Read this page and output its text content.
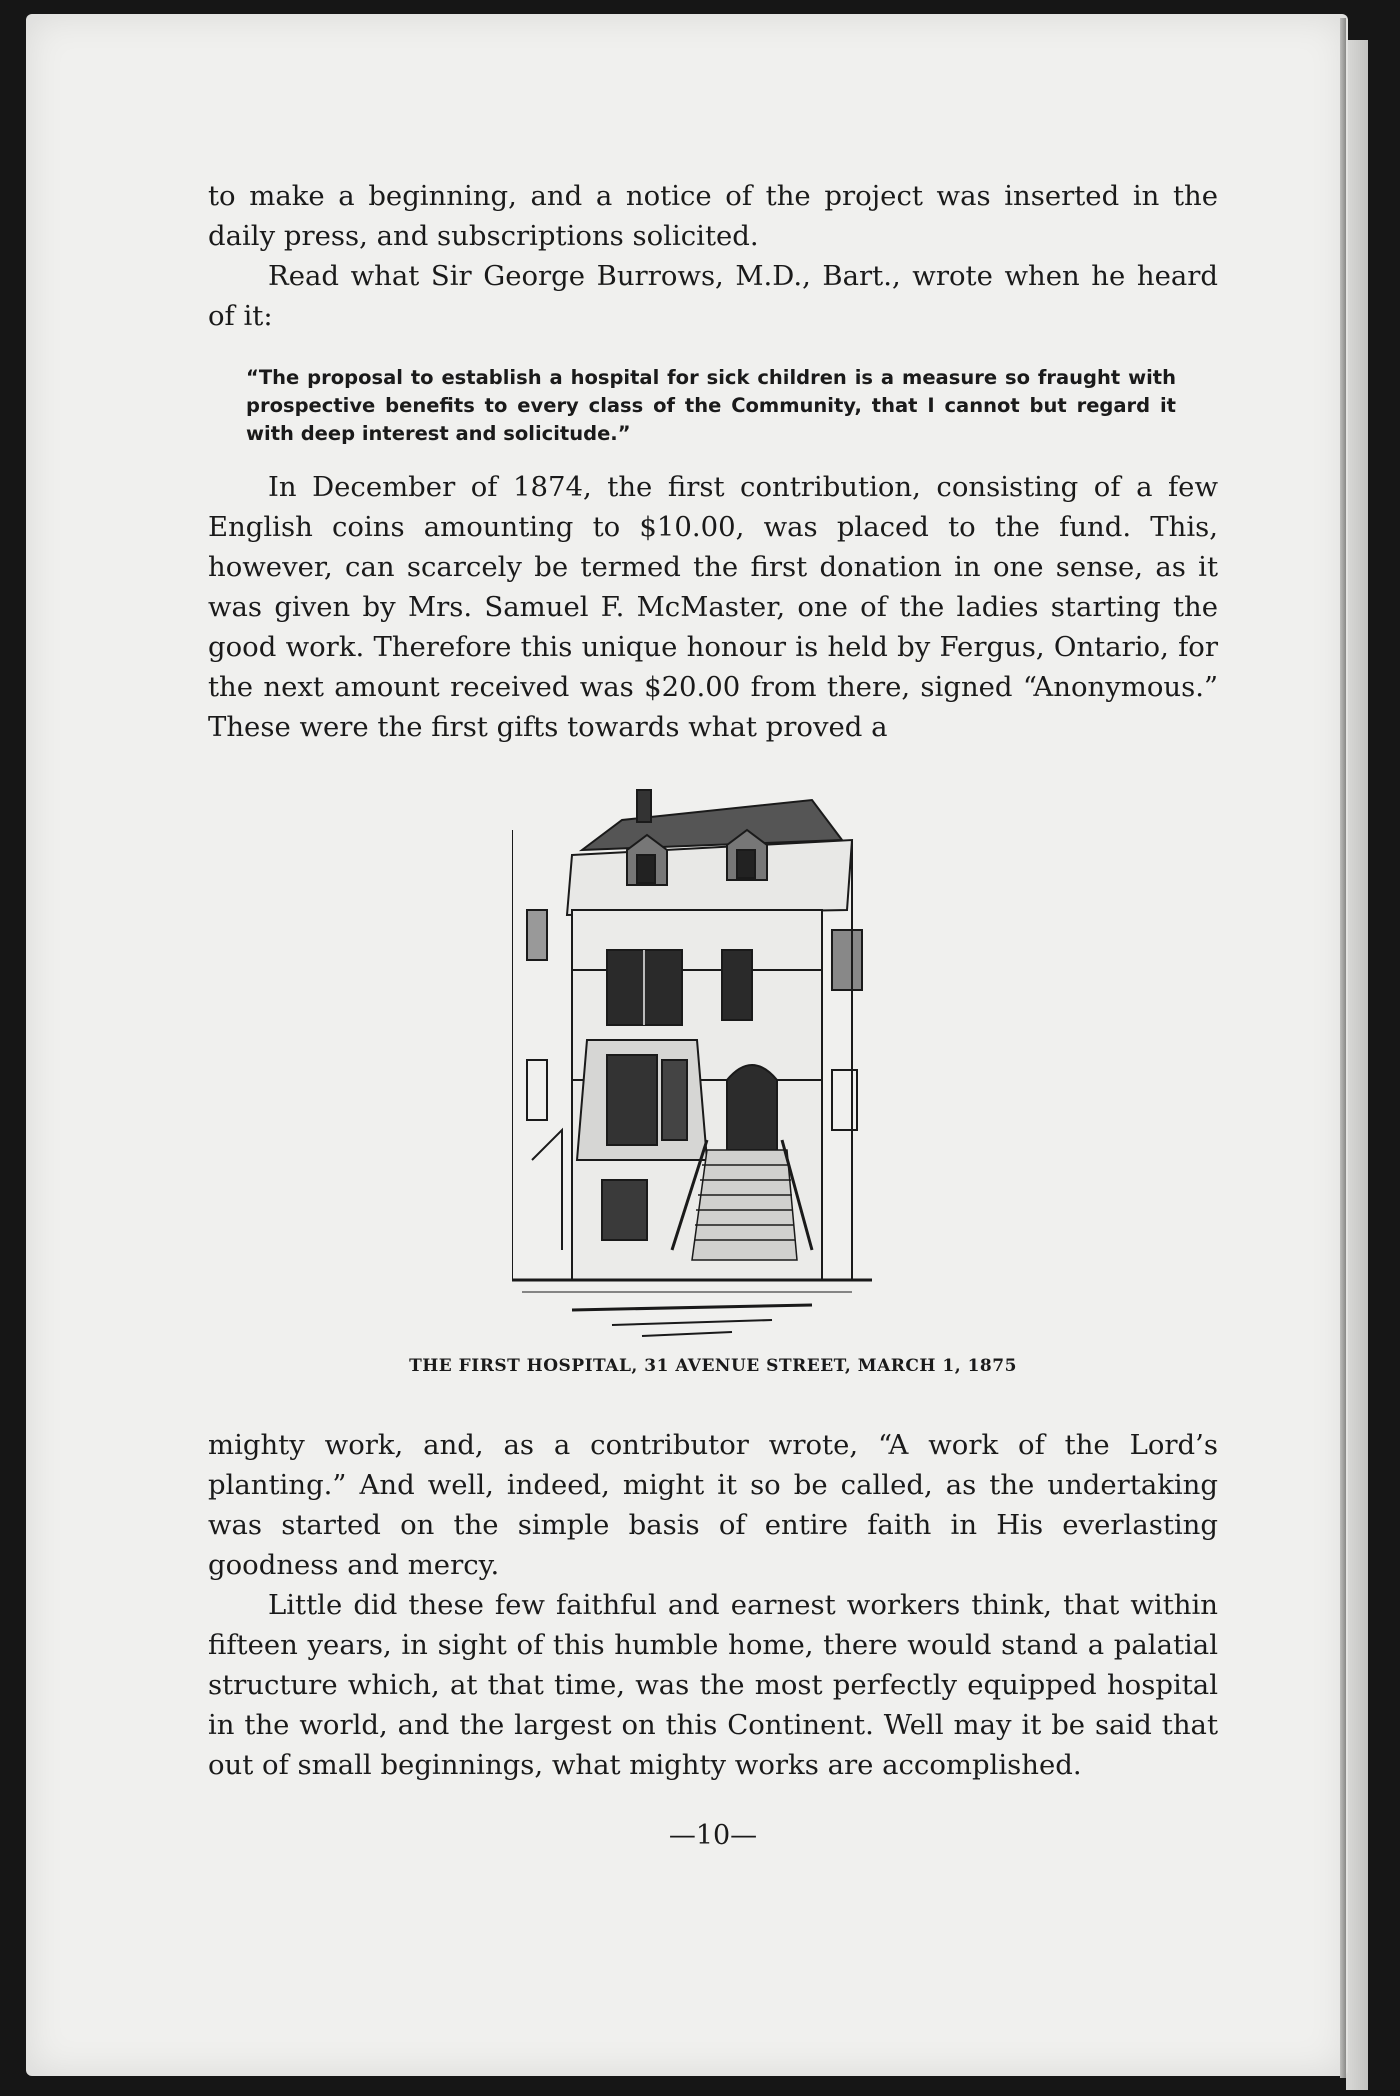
to make a beginning, and a notice of the project was inserted in the daily press, and subscriptions solicited.

Read what Sir George Burrows, M.D., Bart., wrote when he heard of it:

“The proposal to establish a hospital for sick children is a measure so fraught with prospective benefits to every class of the Community, that I cannot but regard it with deep interest and solicitude.”

In December of 1874, the first contribution, consisting of a few English coins amounting to $10.00, was placed to the fund. This, however, can scarcely be termed the first donation in one sense, as it was given by Mrs. Samuel F. McMaster, one of the ladies starting the good work. Therefore this unique honour is held by Fergus, Ontario, for the next amount received was $20.00 from there, signed “Anonymous.” These were the first gifts towards what proved a

THE FIRST HOSPITAL, 31 AVENUE STREET, MARCH 1, 1875

mighty work, and, as a contributor wrote, “A work of the Lord’s planting.” And well, indeed, might it so be called, as the undertaking was started on the simple basis of entire faith in His everlasting goodness and mercy.

Little did these few faithful and earnest workers think, that within fifteen years, in sight of this humble home, there would stand a palatial structure which, at that time, was the most perfectly equipped hospital in the world, and the largest on this Continent. Well may it be said that out of small beginnings, what mighty works are accomplished.

—10—
